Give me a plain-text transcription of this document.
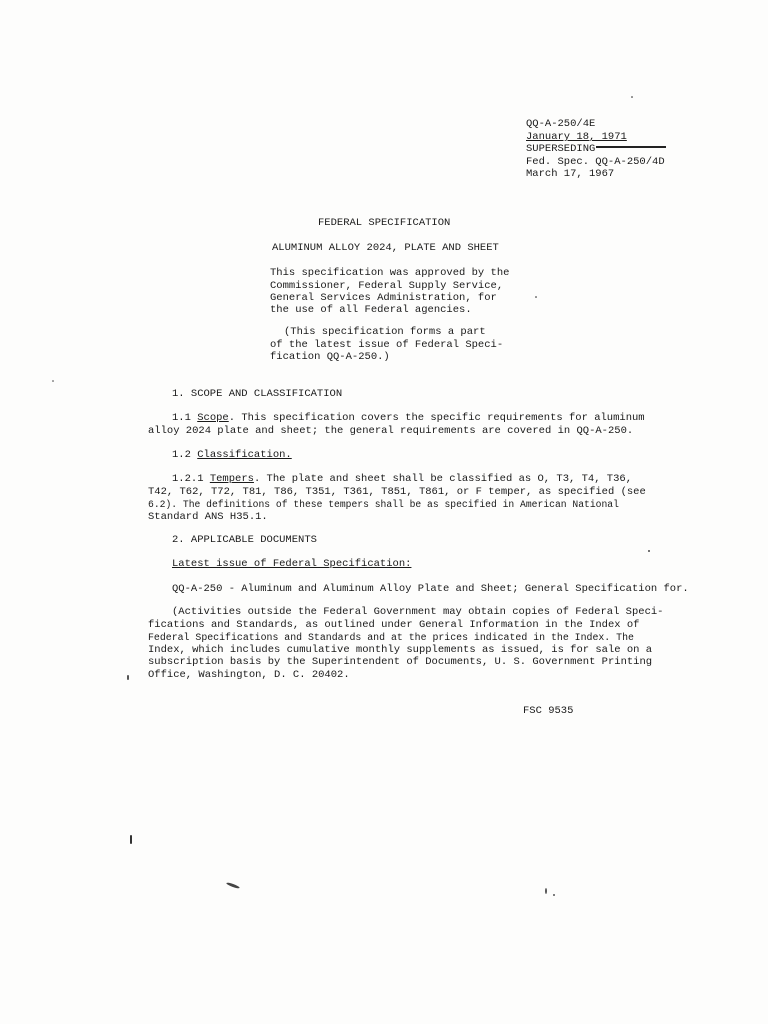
QQ-A-250/4E
January 18, 1971
SUPERSEDING
Fed. Spec. QQ-A-250/4D
March 17, 1967
FEDERAL SPECIFICATION
ALUMINUM ALLOY 2024, PLATE AND SHEET
This specification was approved by the
Commissioner, Federal Supply Service,
General Services Administration, for
the use of all Federal agencies.
(This specification forms a part
of the latest issue of Federal Speci-
fication QQ-A-250.)
1. SCOPE AND CLASSIFICATION
1.1 Scope. This specification covers the specific requirements for aluminum
alloy 2024 plate and sheet; the general requirements are covered in QQ-A-250.
1.2 Classification.
1.2.1 Tempers. The plate and sheet shall be classified as O, T3, T4, T36,
T42, T62, T72, T81, T86, T351, T361, T851, T861, or F temper, as specified (see
6.2). The definitions of these tempers shall be as specified in American National
Standard ANS H35.1.
2. APPLICABLE DOCUMENTS
Latest issue of Federal Specification:
QQ-A-250 - Aluminum and Aluminum Alloy Plate and Sheet; General Specification for.
(Activities outside the Federal Government may obtain copies of Federal Speci-
fications and Standards, as outlined under General Information in the Index of
Federal Specifications and Standards and at the prices indicated in the Index. The
Index, which includes cumulative monthly supplements as issued, is for sale on a
subscription basis by the Superintendent of Documents, U. S. Government Printing
Office, Washington, D. C. 20402.
FSC 9535
